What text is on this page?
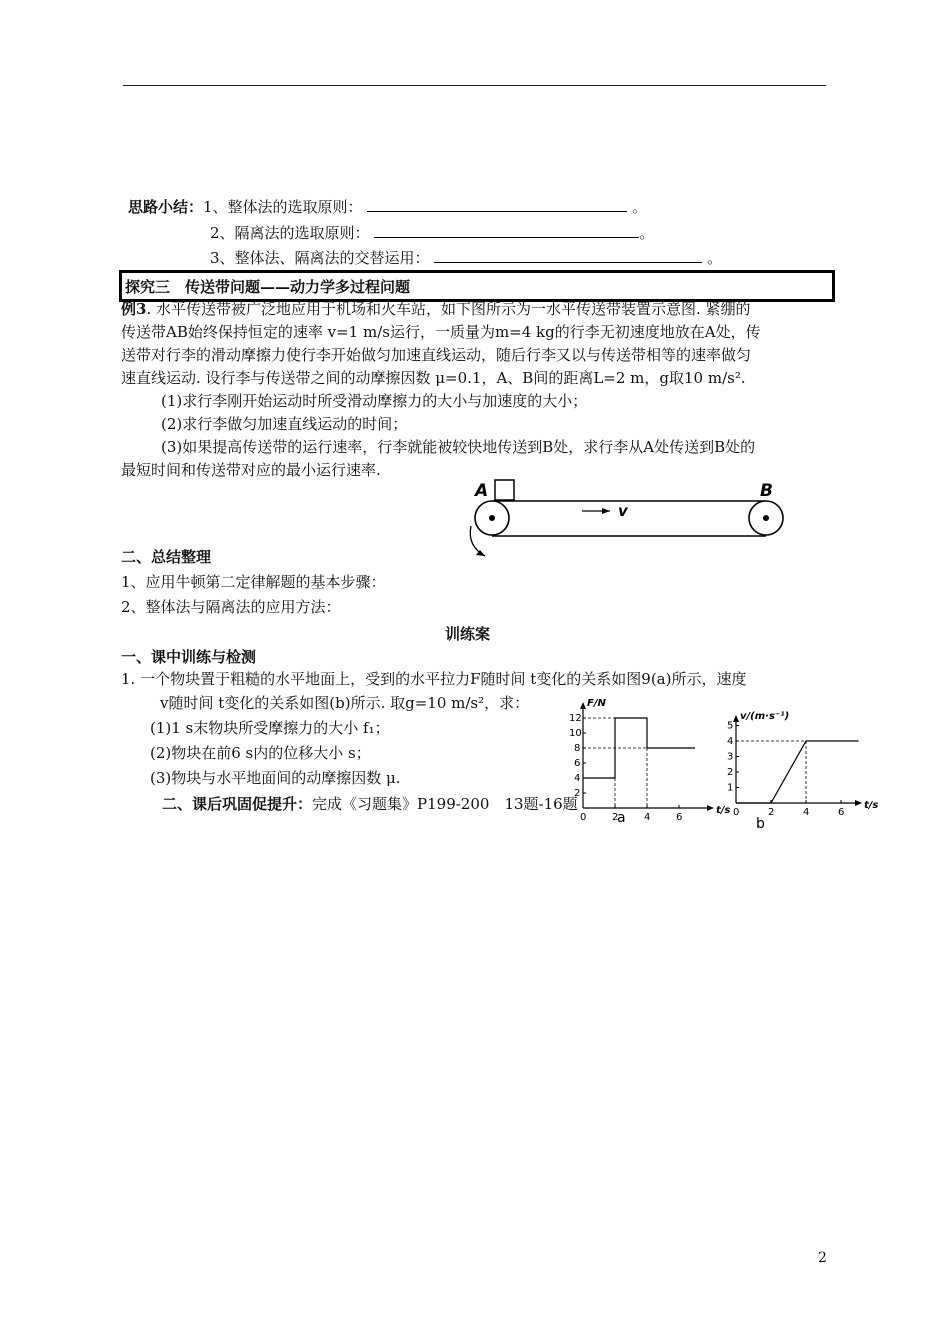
思路小结：1、整体法的选取原则：	。
2、隔离法的选取原则：	。
3、整体法、隔离法的交替运用：	。
探究三　传送带问题——动力学多过程问题
例3. 水平传送带被广泛地应用于机场和火车站，如下图所示为一水平传送带装置示意图. 紧绷的
传送带AB始终保持恒定的速率 v=1 m/s运行，一质量为m=4 kg的行李无初速度地放在A处，传
送带对行李的滑动摩擦力使行李开始做匀加速直线运动，随后行李又以与传送带相等的速率做匀
速直线运动. 设行李与传送带之间的动摩擦因数 μ=0.1，A、B间的距离L=2 m，g取10 m/s².
(1)求行李刚开始运动时所受滑动摩擦力的大小与加速度的大小；
(2)求行李做匀加速直线运动的时间；
(3)如果提高传送带的运行速率，行李就能被较快地传送到B处，求行李从A处传送到B处的
最短时间和传送带对应的最小运行速率.
A	B
v
二、总结整理
1、应用牛顿第二定律解题的基本步骤：
2、整体法与隔离法的应用方法：
训练案
一、课中训练与检测
1. 一个物块置于粗糙的水平地面上，受到的水平拉力F随时间 t变化的关系如图9(a)所示，速度
v随时间 t变化的关系如图(b)所示. 取g=10 m/s²，求：
(1)1 s末物块所受摩擦力的大小 f₁；
(2)物块在前6 s内的位移大小 s；
(3)物块与水平地面间的动摩擦因数 μ.
二、课后巩固促提升：完成《习题集》P199-200　13题-16题
F/N
t/s
0	2	4	6
2
4
6
8
10
12
a
v/(m·s⁻¹)
t/s
0	2	4	6
1
2
3
4
5
b
2
